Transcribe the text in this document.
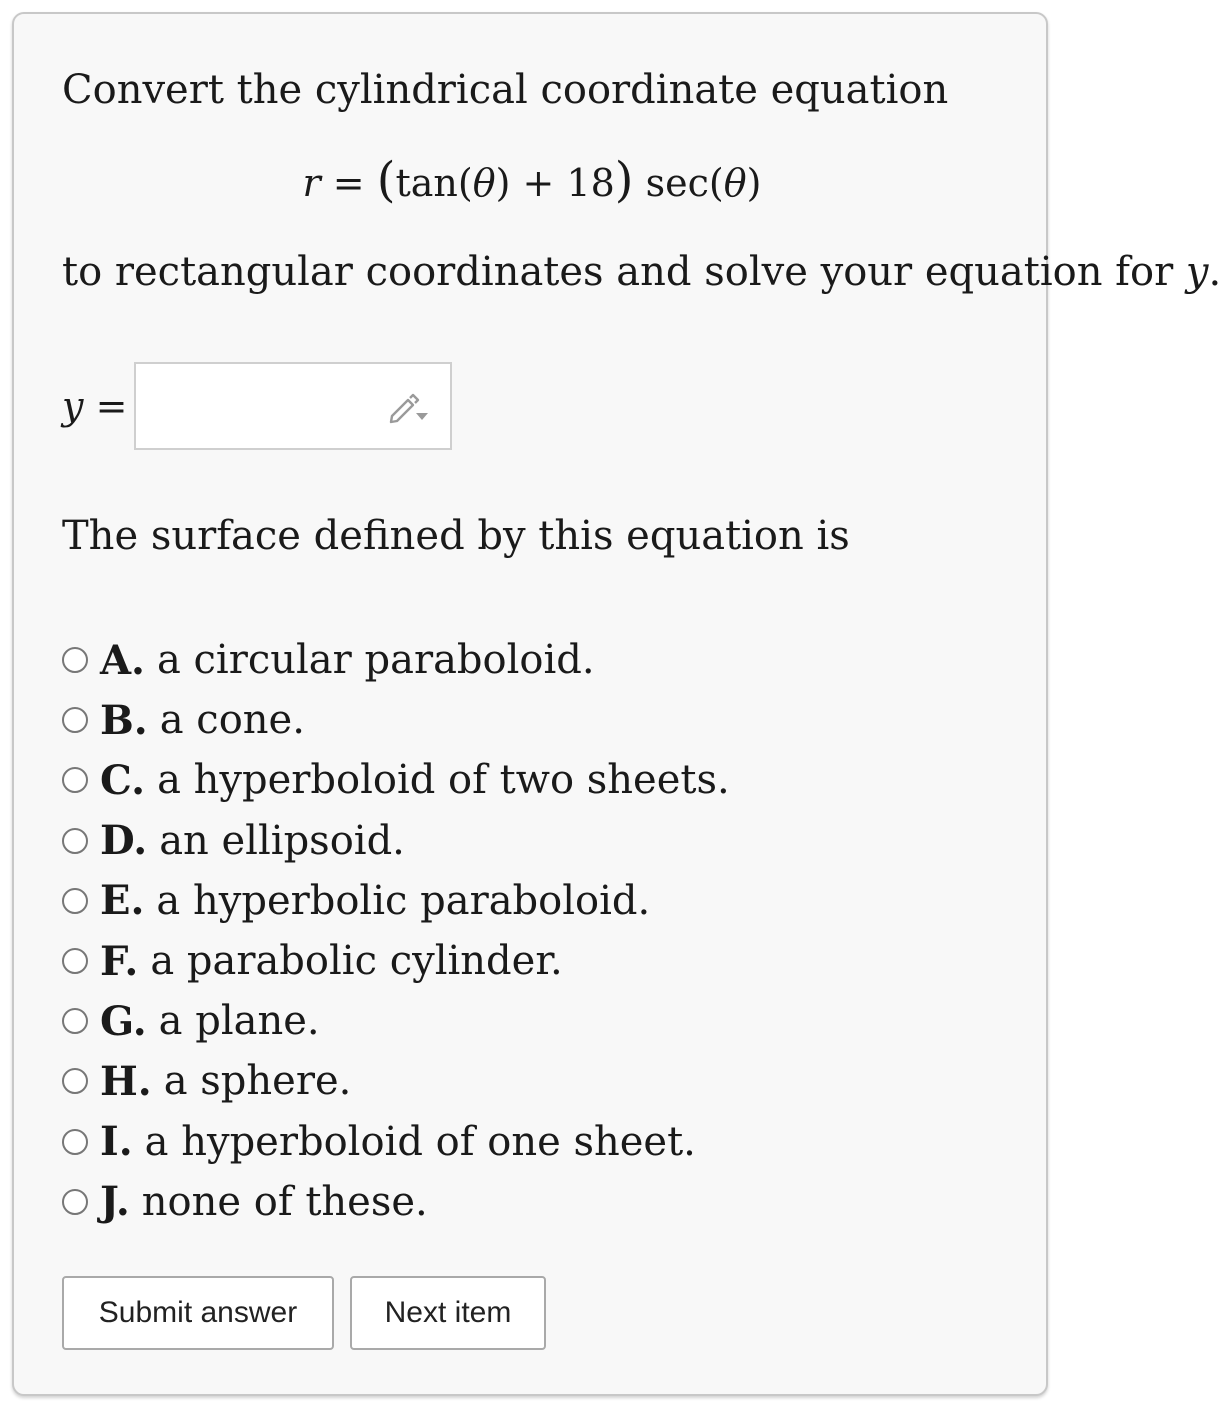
Convert the cylindrical coordinate equation
r = (tan(θ) + 18) sec(θ)
to rectangular coordinates and solve your equation for y.
y =
The surface defined by this equation is
A. a circular paraboloid.
B. a cone.
C. a hyperboloid of two sheets.
D. an ellipsoid.
E. a hyperbolic paraboloid.
F. a parabolic cylinder.
G. a plane.
H. a sphere.
I. a hyperboloid of one sheet.
J. none of these.
Submit answer	Next item
